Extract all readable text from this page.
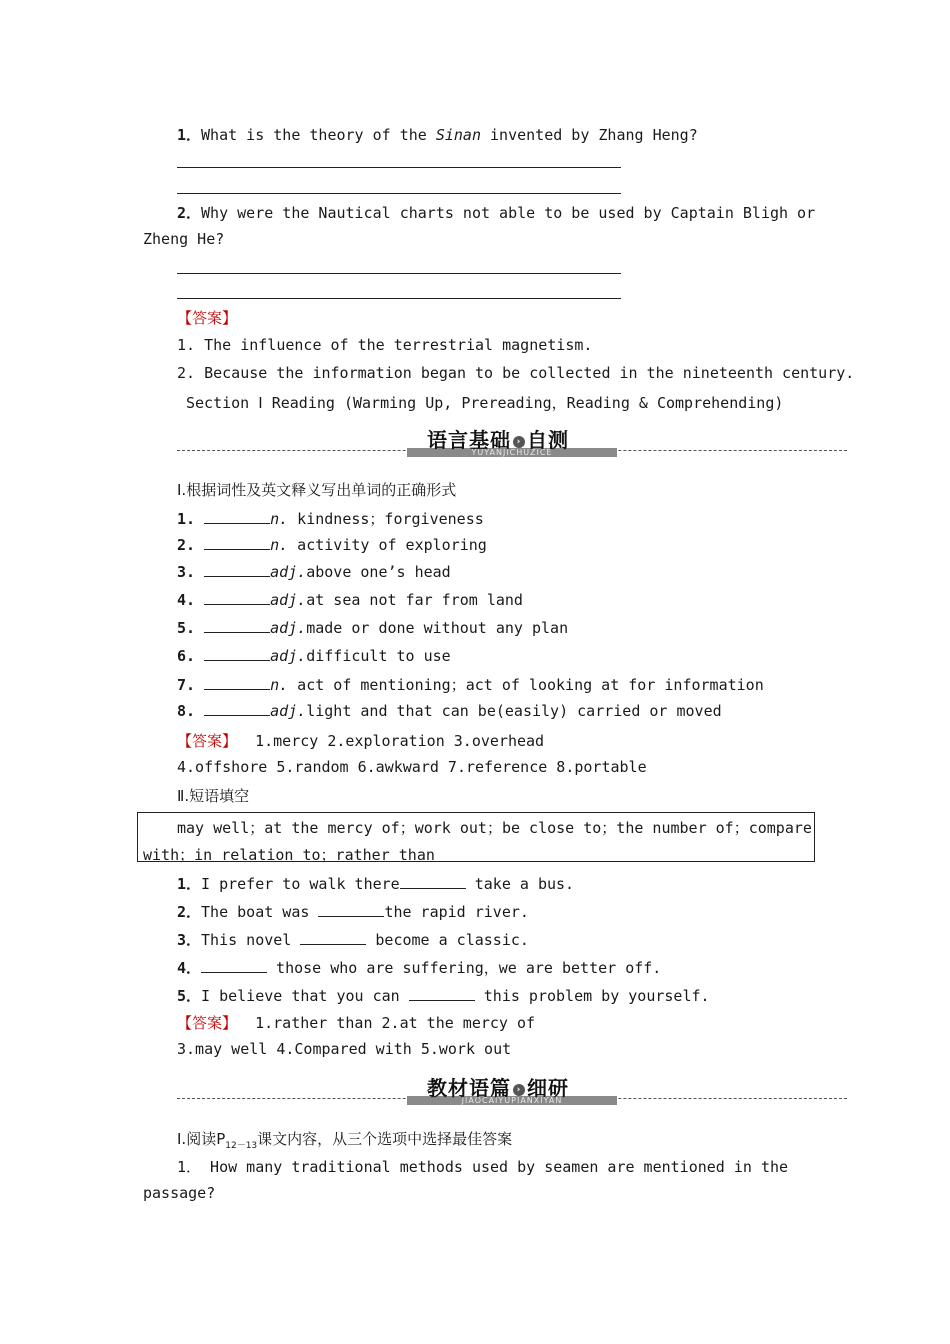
1．What is the theory of the Sinan invented by Zhang Heng?
2．Why were the Nautical charts not able to be used by Captain Bligh or
Zheng He?
【答案】
1. The influence of the terrestrial magnetism.
2. Because the information began to be collected in the nineteenth century.
Section Ⅰ Reading (Warming Up, Prereading，Reading & Comprehending)
YUYANJICHUZICE
语言基础 › 自测
Ⅰ.根据词性及英文释义写出单词的正确形式
1.	n. kindness；forgiveness
2.	n. activity of exploring
3.	adj.above one’s head
4.	adj.at sea not far from land
5.	adj.made or done without any plan
6.	adj.difficult to use
7.	n. act of mentioning；act of looking at for information
8.	adj.light and that can be(easily) carried or moved
【答案】 1.mercy 2.exploration 3.overhead
4.offshore 5.random 6.awkward 7.reference 8.portable
Ⅱ.短语填空
may well；at the mercy of；work out；be close to；the number of；compare
with；in relation to；rather than
1．I prefer to walk there	take a bus.
2．The boat was	the rapid river.
3．This novel	become a classic.
4．	those who are suffering，we are better off.
5．I believe that you can	this problem by yourself.
【答案】 1.rather than 2.at the mercy of
3.may well 4.Compared with 5.work out
JIAOCAIYUPIANXIYAN
教材语篇 › 细研
Ⅰ.阅读$P_{12-13}$课文内容，从三个选项中选择最佳答案
1． How many traditional methods used by seamen are mentioned in the
passage?
